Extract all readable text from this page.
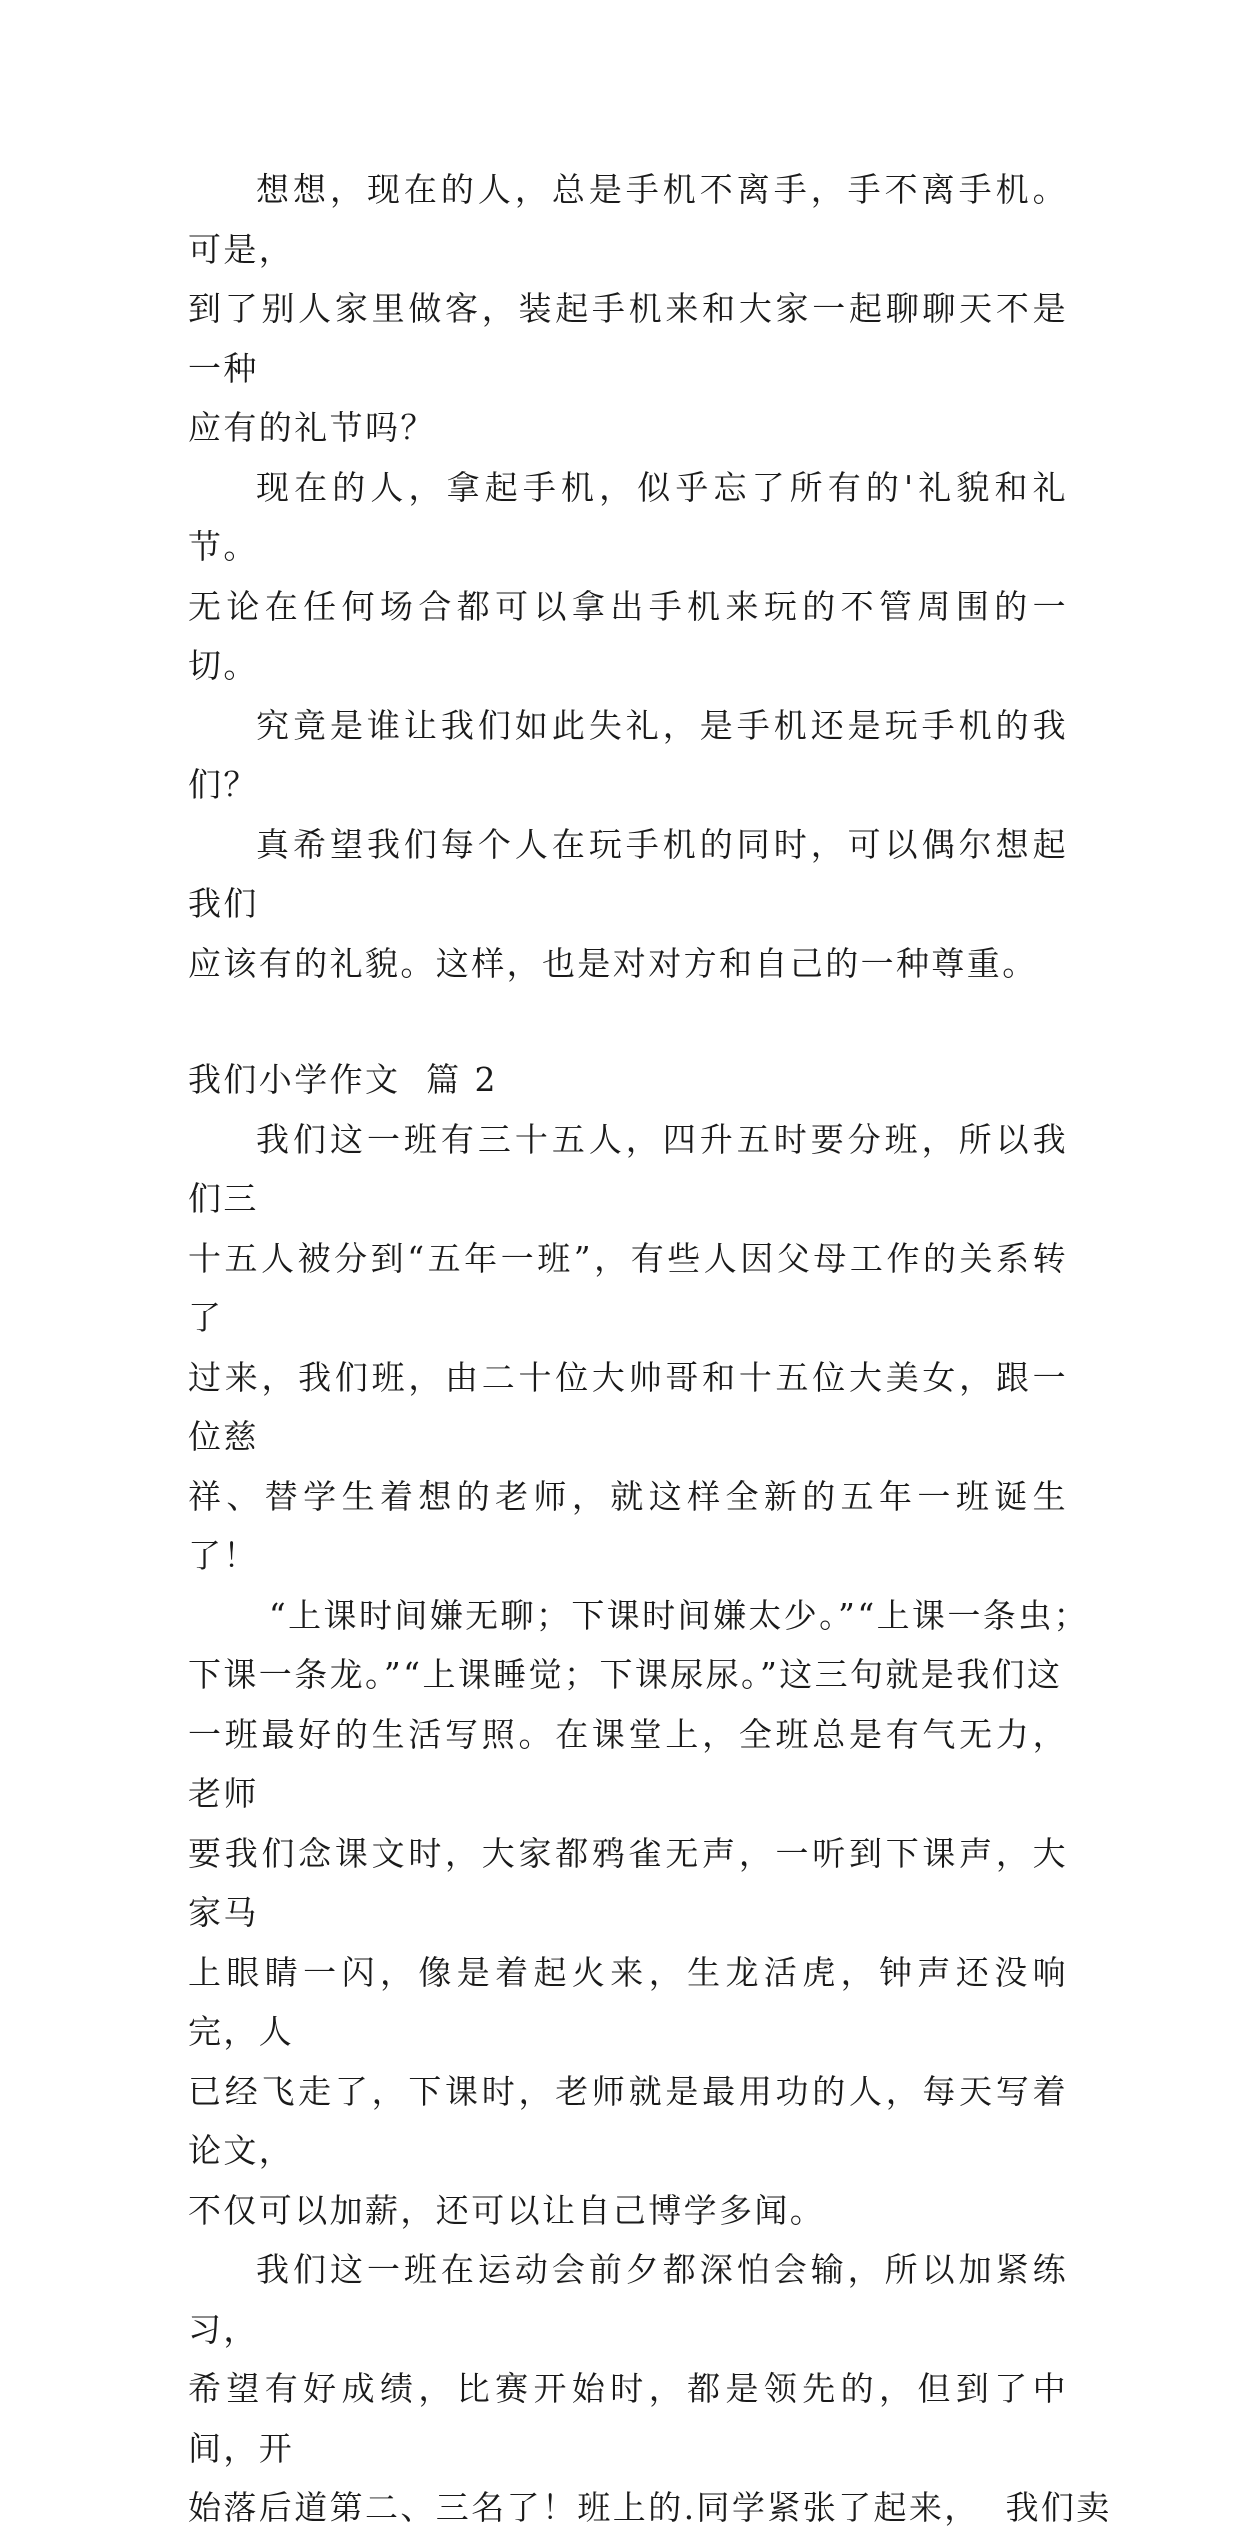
想想，现在的人，总是手机不离手，手不离手机。可是，
到了别人家里做客，装起手机来和大家一起聊聊天不是一种
应有的礼节吗？
现在的人，拿起手机，似乎忘了所有的'礼貌和礼节。
无论在任何场合都可以拿出手机来玩的不管周围的一切。
究竟是谁让我们如此失礼，是手机还是玩手机的我们？
真希望我们每个人在玩手机的同时，可以偶尔想起我们
应该有的礼貌。这样，也是对对方和自己的一种尊重。
我们小学作文  篇 2
我们这一班有三十五人，四升五时要分班，所以我们三
十五人被分到“五年一班”，有些人因父母工作的关系转了
过来，我们班，由二十位大帅哥和十五位大美女，跟一位慈
祥、替学生着想的老师，就这样全新的五年一班诞生了！
“上课时间嫌无聊；下课时间嫌太少。”“上课一条虫；
下课一条龙。”“上课睡觉；下课尿尿。”这三句就是我们这
一班最好的生活写照。在课堂上，全班总是有气无力，老师
要我们念课文时，大家都鸦雀无声，一听到下课声，大家马
上眼睛一闪，像是着起火来，生龙活虎，钟声还没响完，人
已经飞走了，下课时，老师就是最用功的人，每天写着论文，
不仅可以加薪，还可以让自己博学多闻。
我们这一班在运动会前夕都深怕会输，所以加紧练习，
希望有好成绩，比赛开始时，都是领先的，但到了中间，开
始落后道第二、三名了！班上的.同学紧张了起来，  我们卖
